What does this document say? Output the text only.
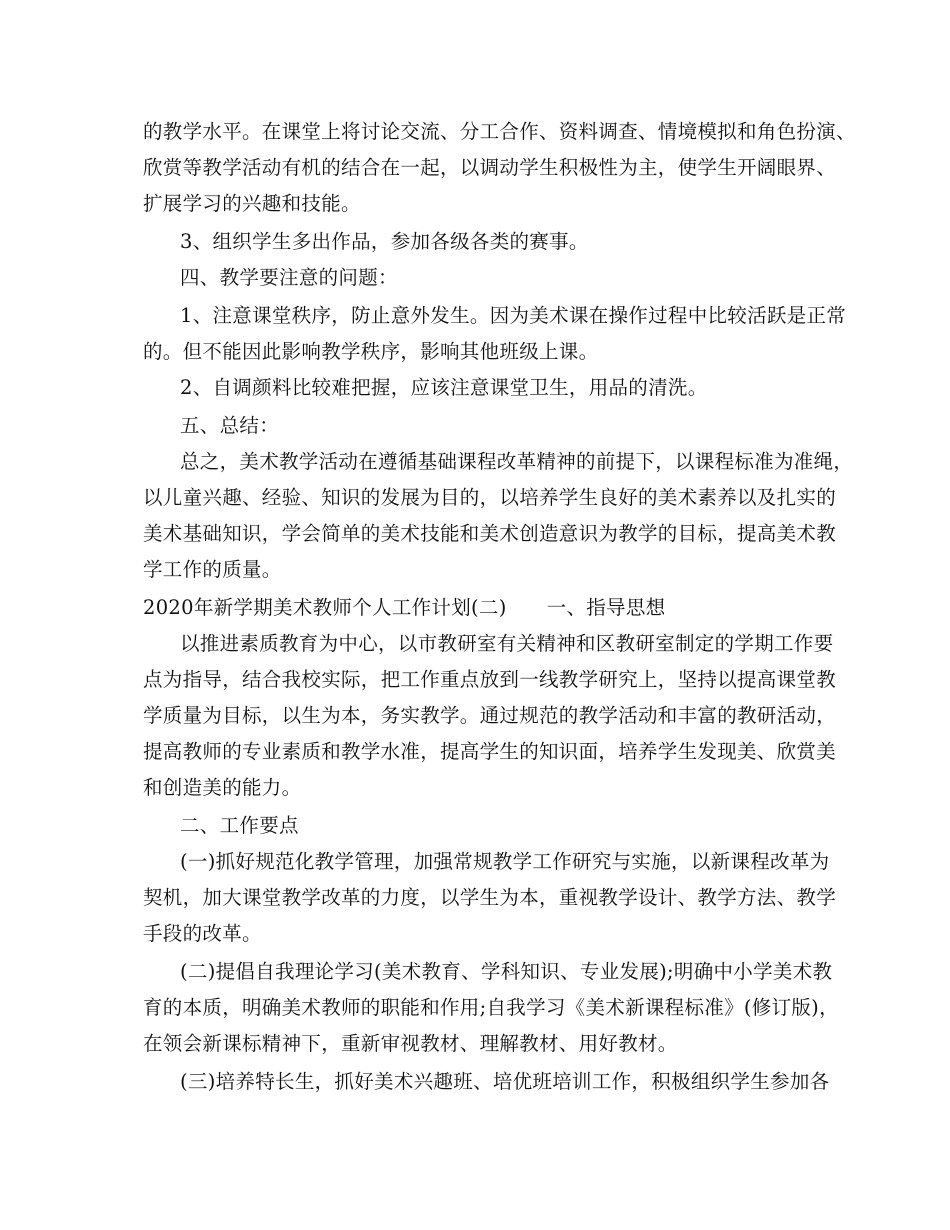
的教学水平。在课堂上将讨论交流、分工合作、资料调查、情境模拟和角色扮演、
欣赏等教学活动有机的结合在一起，以调动学生积极性为主，使学生开阔眼界、
扩展学习的兴趣和技能。
3、组织学生多出作品，参加各级各类的赛事。
四、教学要注意的问题：
1、注意课堂秩序，防止意外发生。因为美术课在操作过程中比较活跃是正常
的。但不能因此影响教学秩序，影响其他班级上课。
2、自调颜料比较难把握，应该注意课堂卫生，用品的清洗。
五、总结：
总之，美术教学活动在遵循基础课程改革精神的前提下，以课程标准为准绳，
以儿童兴趣、经验、知识的发展为目的，以培养学生良好的美术素养以及扎实的
美术基础知识，学会简单的美术技能和美术创造意识为教学的目标，提高美术教
学工作的质量。
2020年新学期美术教师个人工作计划(二) 一、指导思想
以推进素质教育为中心，以市教研室有关精神和区教研室制定的学期工作要
点为指导，结合我校实际，把工作重点放到一线教学研究上，坚持以提高课堂教
学质量为目标，以生为本，务实教学。通过规范的教学活动和丰富的教研活动，
提高教师的专业素质和教学水准，提高学生的知识面，培养学生发现美、欣赏美
和创造美的能力。
二、工作要点
(一)抓好规范化教学管理，加强常规教学工作研究与实施，以新课程改革为
契机，加大课堂教学改革的力度，以学生为本，重视教学设计、教学方法、教学
手段的改革。
(二)提倡自我理论学习(美术教育、学科知识、专业发展);明确中小学美术教
育的本质，明确美术教师的职能和作用;自我学习《美术新课程标准》(修订版)，
在领会新课标精神下，重新审视教材、理解教材、用好教材。
(三)培养特长生，抓好美术兴趣班、培优班培训工作，积极组织学生参加各
